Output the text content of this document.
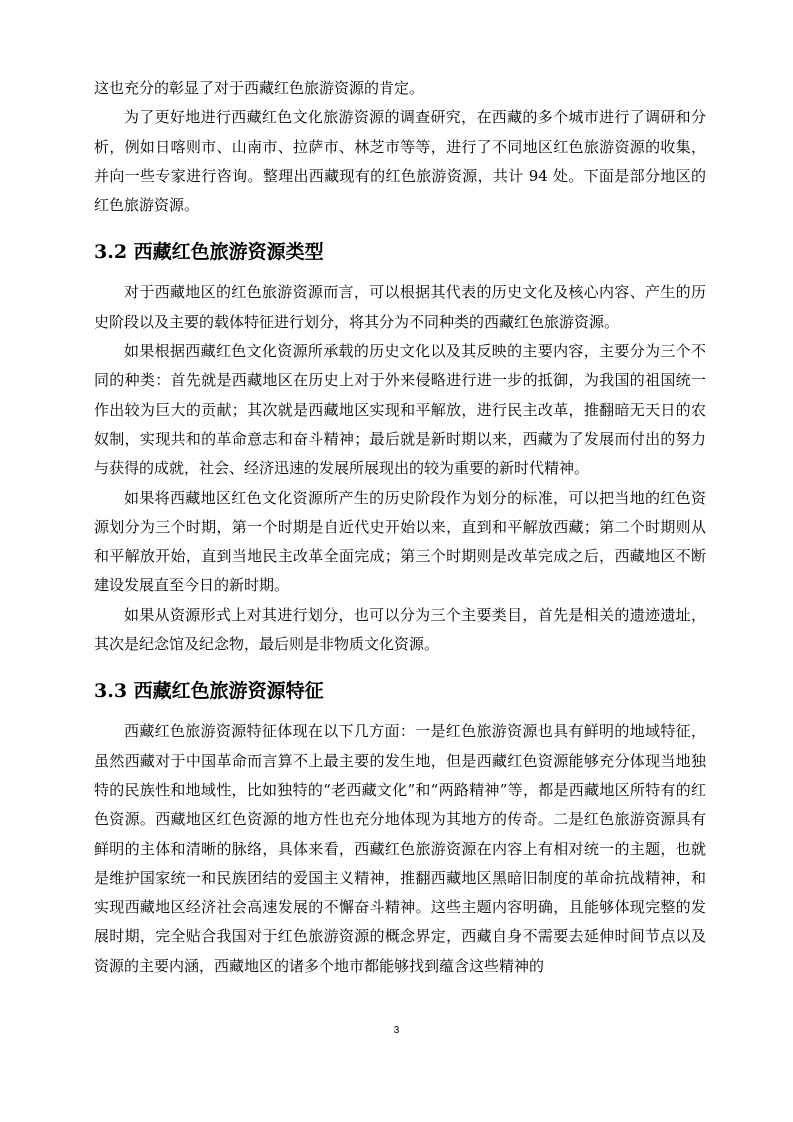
这也充分的彰显了对于西藏红色旅游资源的肯定。

为了更好地进行西藏红色文化旅游资源的调查研究，在西藏的多个城市进行了调研和分析，例如日喀则市、山南市、拉萨市、林芝市等等，进行了不同地区红色旅游资源的收集，并向一些专家进行咨询。整理出西藏现有的红色旅游资源，共计 94 处。下面是部分地区的红色旅游资源。

3.2 西藏红色旅游资源类型

对于西藏地区的红色旅游资源而言，可以根据其代表的历史文化及核心内容、产生的历史阶段以及主要的载体特征进行划分，将其分为不同种类的西藏红色旅游资源。

如果根据西藏红色文化资源所承载的历史文化以及其反映的主要内容，主要分为三个不同的种类：首先就是西藏地区在历史上对于外来侵略进行进一步的抵御，为我国的祖国统一作出较为巨大的贡献；其次就是西藏地区实现和平解放，进行民主改革，推翻暗无天日的农奴制，实现共和的革命意志和奋斗精神；最后就是新时期以来，西藏为了发展而付出的努力与获得的成就，社会、经济迅速的发展所展现出的较为重要的新时代精神。

如果将西藏地区红色文化资源所产生的历史阶段作为划分的标准，可以把当地的红色资源划分为三个时期，第一个时期是自近代史开始以来，直到和平解放西藏；第二个时期则从和平解放开始，直到当地民主改革全面完成；第三个时期则是改革完成之后，西藏地区不断建设发展直至今日的新时期。

如果从资源形式上对其进行划分，也可以分为三个主要类目，首先是相关的遗迹遗址，其次是纪念馆及纪念物，最后则是非物质文化资源。

3.3 西藏红色旅游资源特征

西藏红色旅游资源特征体现在以下几方面：一是红色旅游资源也具有鲜明的地域特征，虽然西藏对于中国革命而言算不上最主要的发生地，但是西藏红色资源能够充分体现当地独特的民族性和地域性，比如独特的“老西藏文化”和“两路精神”等，都是西藏地区所特有的红色资源。西藏地区红色资源的地方性也充分地体现为其地方的传奇。二是红色旅游资源具有鲜明的主体和清晰的脉络，具体来看，西藏红色旅游资源在内容上有相对统一的主题，也就是维护国家统一和民族团结的爱国主义精神，推翻西藏地区黑暗旧制度的革命抗战精神，和实现西藏地区经济社会高速发展的不懈奋斗精神。这些主题内容明确，且能够体现完整的发展时期，完全贴合我国对于红色旅游资源的概念界定，西藏自身不需要去延伸时间节点以及资源的主要内涵，西藏地区的诸多个地市都能够找到蕴含这些精神的

3
